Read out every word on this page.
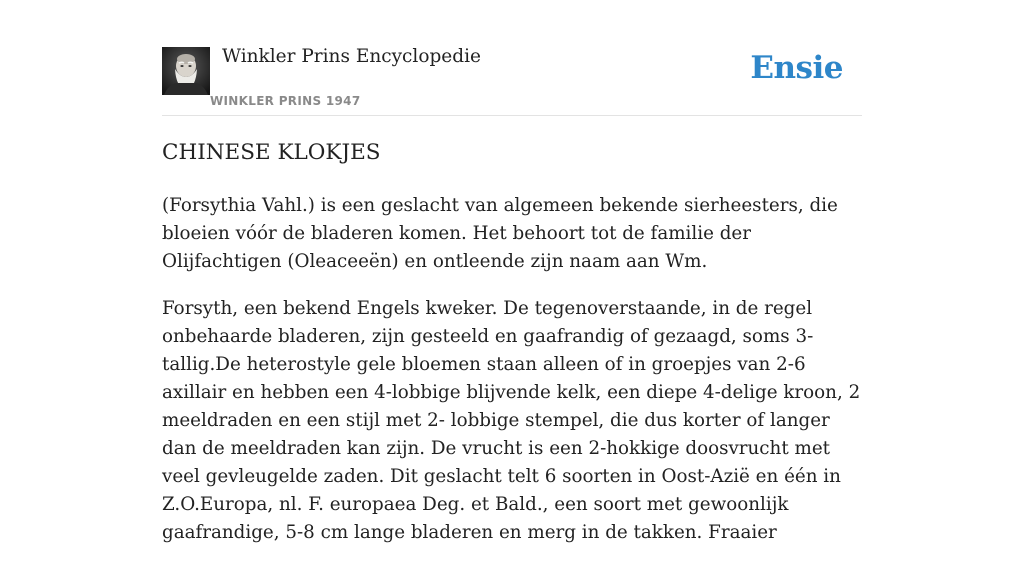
Winkler Prins Encyclopedie
WINKLER PRINS 1947
Ensie
CHINESE KLOKJES

(Forsythia Vahl.) is een geslacht van algemeen bekende sierheesters, die bloeien vóór de bladeren komen. Het behoort tot de familie der Olijfachtigen (Oleaceeën) en ontleende zijn naam aan Wm.

Forsyth, een bekend Engels kweker. De tegenoverstaande, in de regel onbehaarde bladeren, zijn gesteeld en gaafrandig of gezaagd, soms 3-tallig.De heterostyle gele bloemen staan alleen of in groepjes van 2-6 axillair en hebben een 4-lobbige blijvende kelk, een diepe 4-delige kroon, 2 meeldraden en een stijl met 2- lobbige stempel, die dus korter of langer dan de meeldraden kan zijn. De vrucht is een 2-hokkige doosvrucht met veel gevleugelde zaden. Dit geslacht telt 6 soorten in Oost-Azië en één in Z.O.Europa, nl. F. europaea Deg. et Bald., een soort met gewoonlijk gaafrandige, 5-8 cm lange bladeren en merg in de takken. Fraaier
